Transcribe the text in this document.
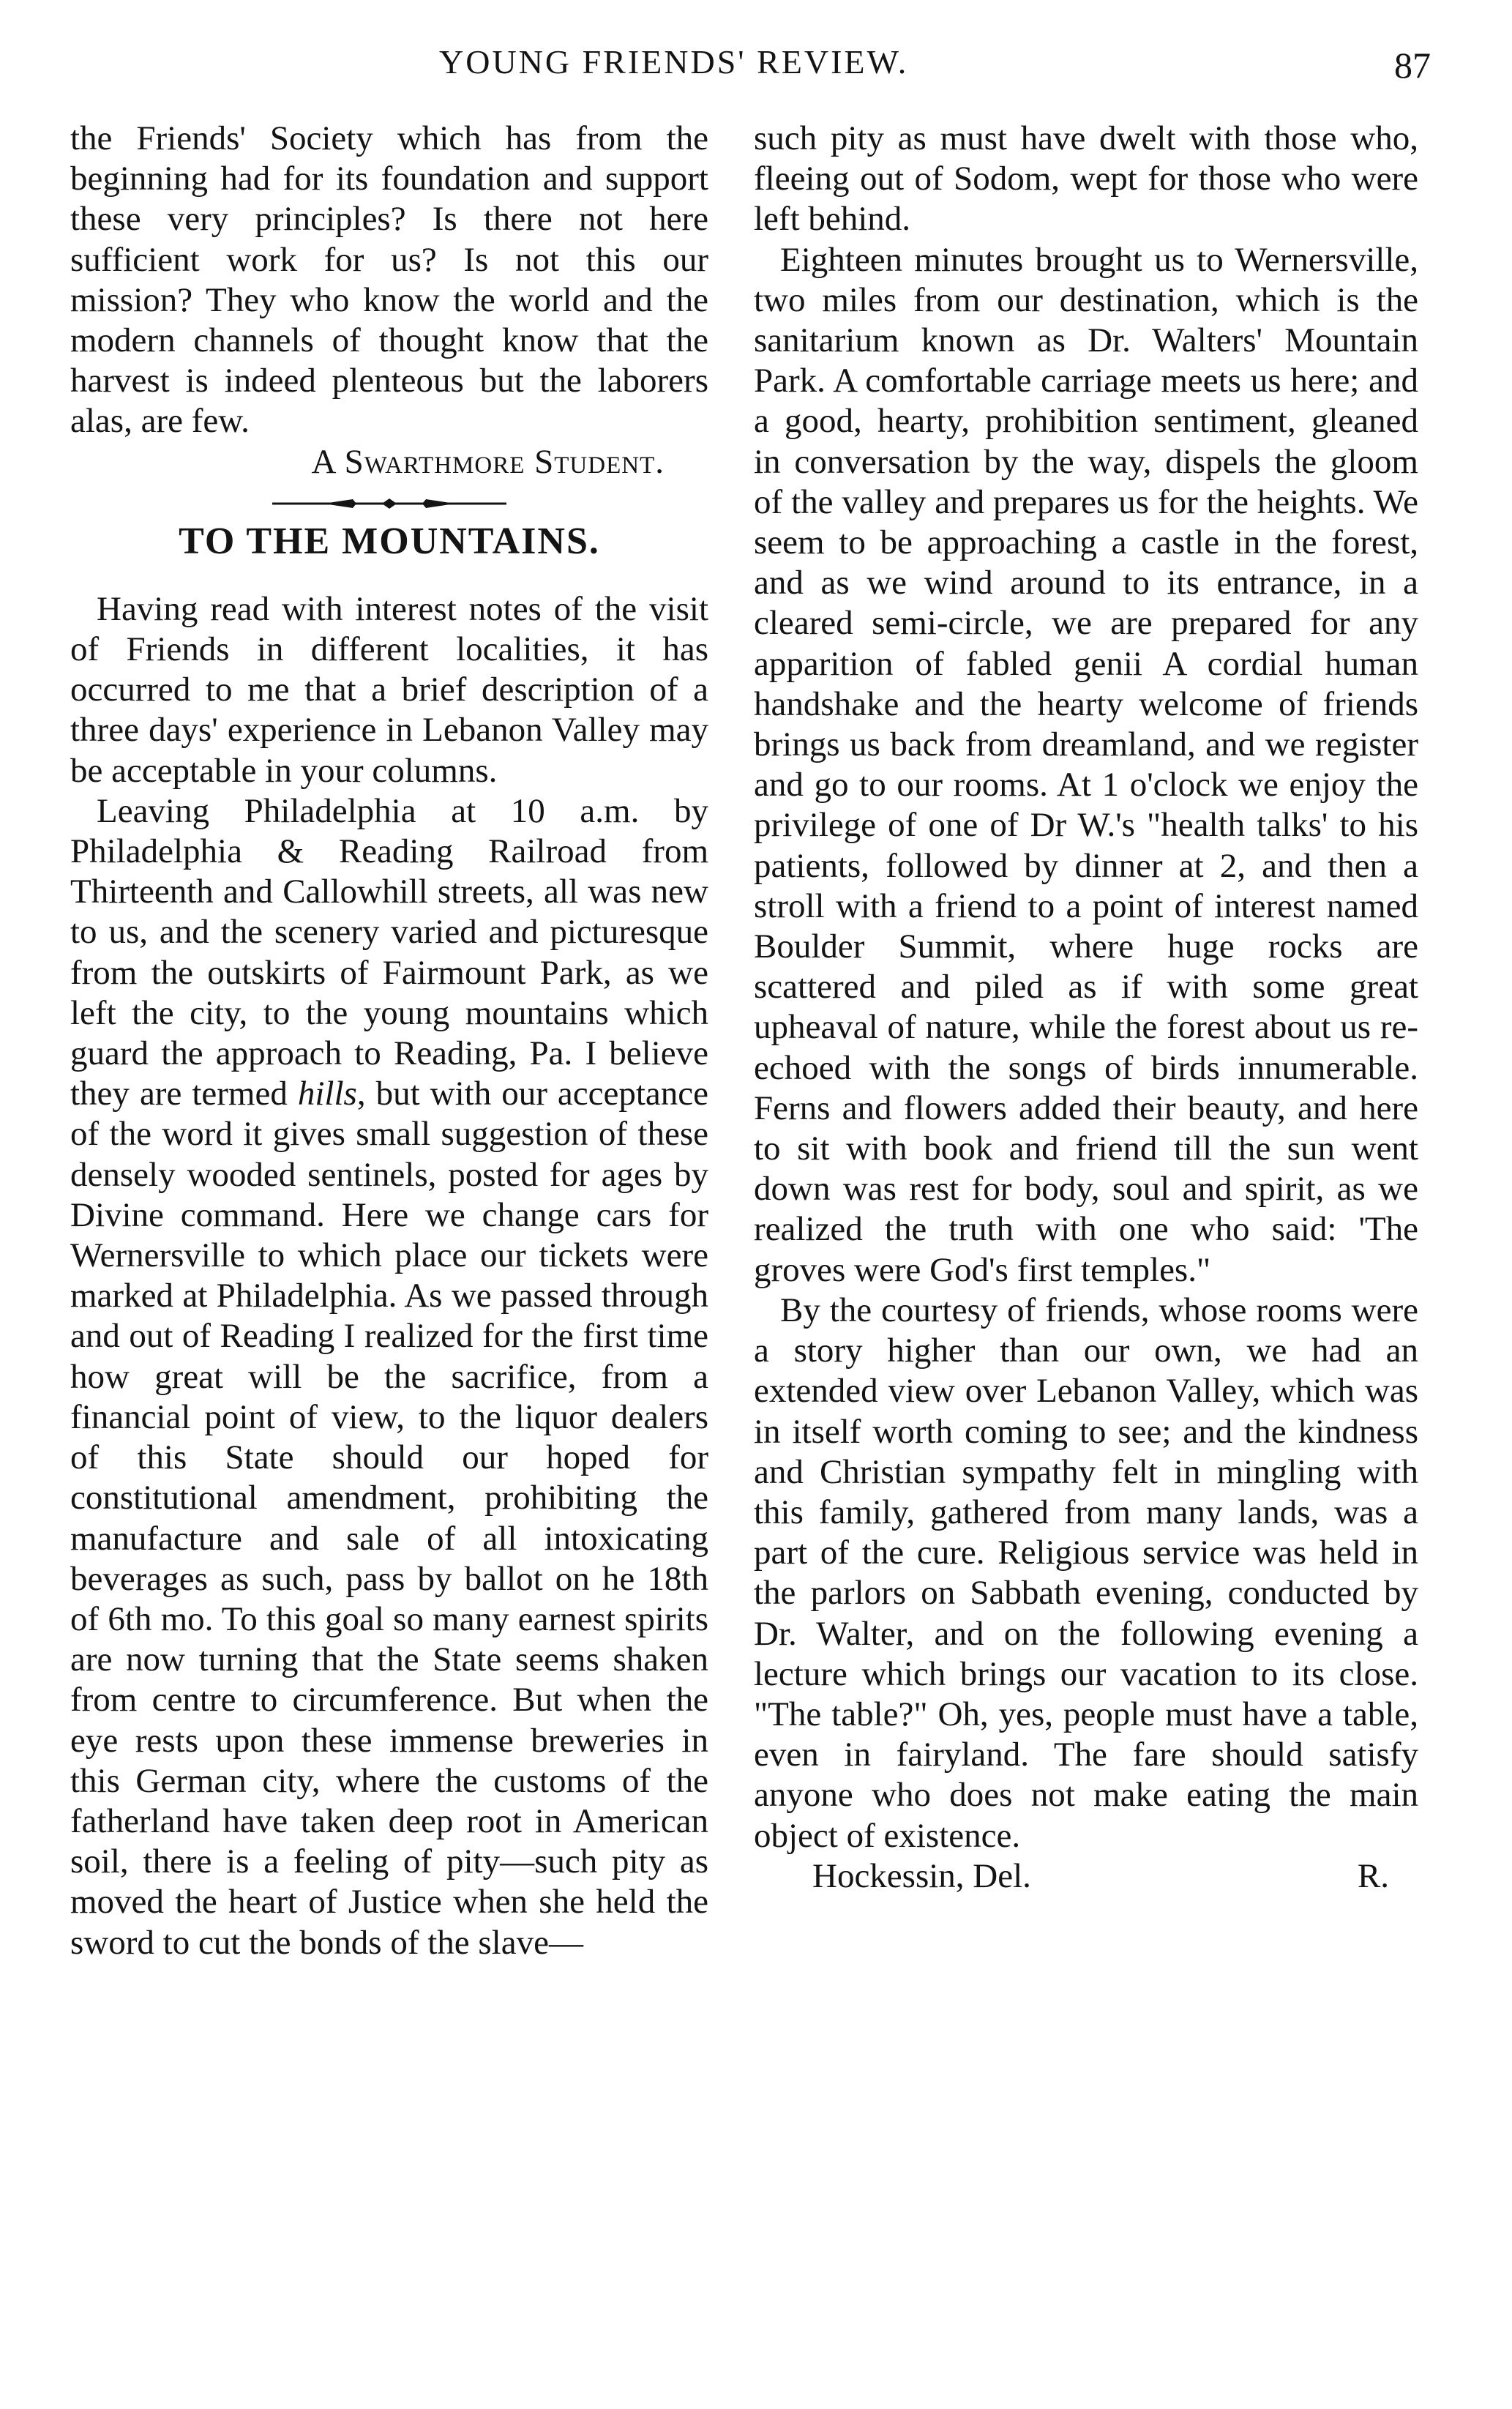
YOUNG FRIENDS' REVIEW.	87

the Friends' Society which has from the beginning had for its foundation and support these very principles? Is there not here sufficient work for us? Is not this our mission? They who know the world and the modern channels of thought know that the harvest is indeed plenteous but the laborers alas, are few.

A Swarthmore Student.

TO THE MOUNTAINS.

Having read with interest notes of the visit of Friends in different localities, it has occurred to me that a brief description of a three days' experience in Lebanon Valley may be acceptable in your columns.

Leaving Philadelphia at 10 a.m. by Philadelphia & Reading Railroad from Thirteenth and Callowhill streets, all was new to us, and the scenery varied and picturesque from the outskirts of Fairmount Park, as we left the city, to the young mountains which guard the approach to Reading, Pa. I believe they are termed hills, but with our acceptance of the word it gives small suggestion of these densely wooded sentinels, posted for ages by Divine command. Here we change cars for Wernersville to which place our tickets were marked at Philadelphia. As we passed through and out of Reading I realized for the first time how great will be the sacrifice, from a financial point of view, to the liquor dealers of this State should our hoped for constitutional amendment, prohibiting the manufacture and sale of all intoxicating beverages as such, pass by ballot on he 18th of 6th mo. To this goal so many earnest spirits are now turning that the State seems shaken from centre to circumference. But when the eye rests upon these immense breweries in this German city, where the customs of the fatherland have taken deep root in American soil, there is a feeling of pity—such pity as moved the heart of Justice when she held the sword to cut the bonds of the slave—

such pity as must have dwelt with those who, fleeing out of Sodom, wept for those who were left behind.

Eighteen minutes brought us to Wernersville, two miles from our destination, which is the sanitarium known as Dr. Walters' Mountain Park. A comfortable carriage meets us here; and a good, hearty, prohibition sentiment, gleaned in conversation by the way, dispels the gloom of the valley and prepares us for the heights. We seem to be approaching a castle in the forest, and as we wind around to its entrance, in a cleared semi-circle, we are prepared for any apparition of fabled genii A cordial human handshake and the hearty welcome of friends brings us back from dreamland, and we register and go to our rooms. At 1 o'clock we enjoy the privilege of one of Dr W.'s "health talks' to his patients, followed by dinner at 2, and then a stroll with a friend to a point of interest named Boulder Summit, where huge rocks are scattered and piled as if with some great upheaval of nature, while the forest about us re-echoed with the songs of birds innumerable. Ferns and flowers added their beauty, and here to sit with book and friend till the sun went down was rest for body, soul and spirit, as we realized the truth with one who said: 'The groves were God's first temples."

By the courtesy of friends, whose rooms were a story higher than our own, we had an extended view over Lebanon Valley, which was in itself worth coming to see; and the kindness and Christian sympathy felt in mingling with this family, gathered from many lands, was a part of the cure. Religious service was held in the parlors on Sabbath evening, conducted by Dr. Walter, and on the following evening a lecture which brings our vacation to its close. "The table?" Oh, yes, people must have a table, even in fairyland. The fare should satisfy anyone who does not make eating the main object of existence.

Hockessin, Del.	R.
